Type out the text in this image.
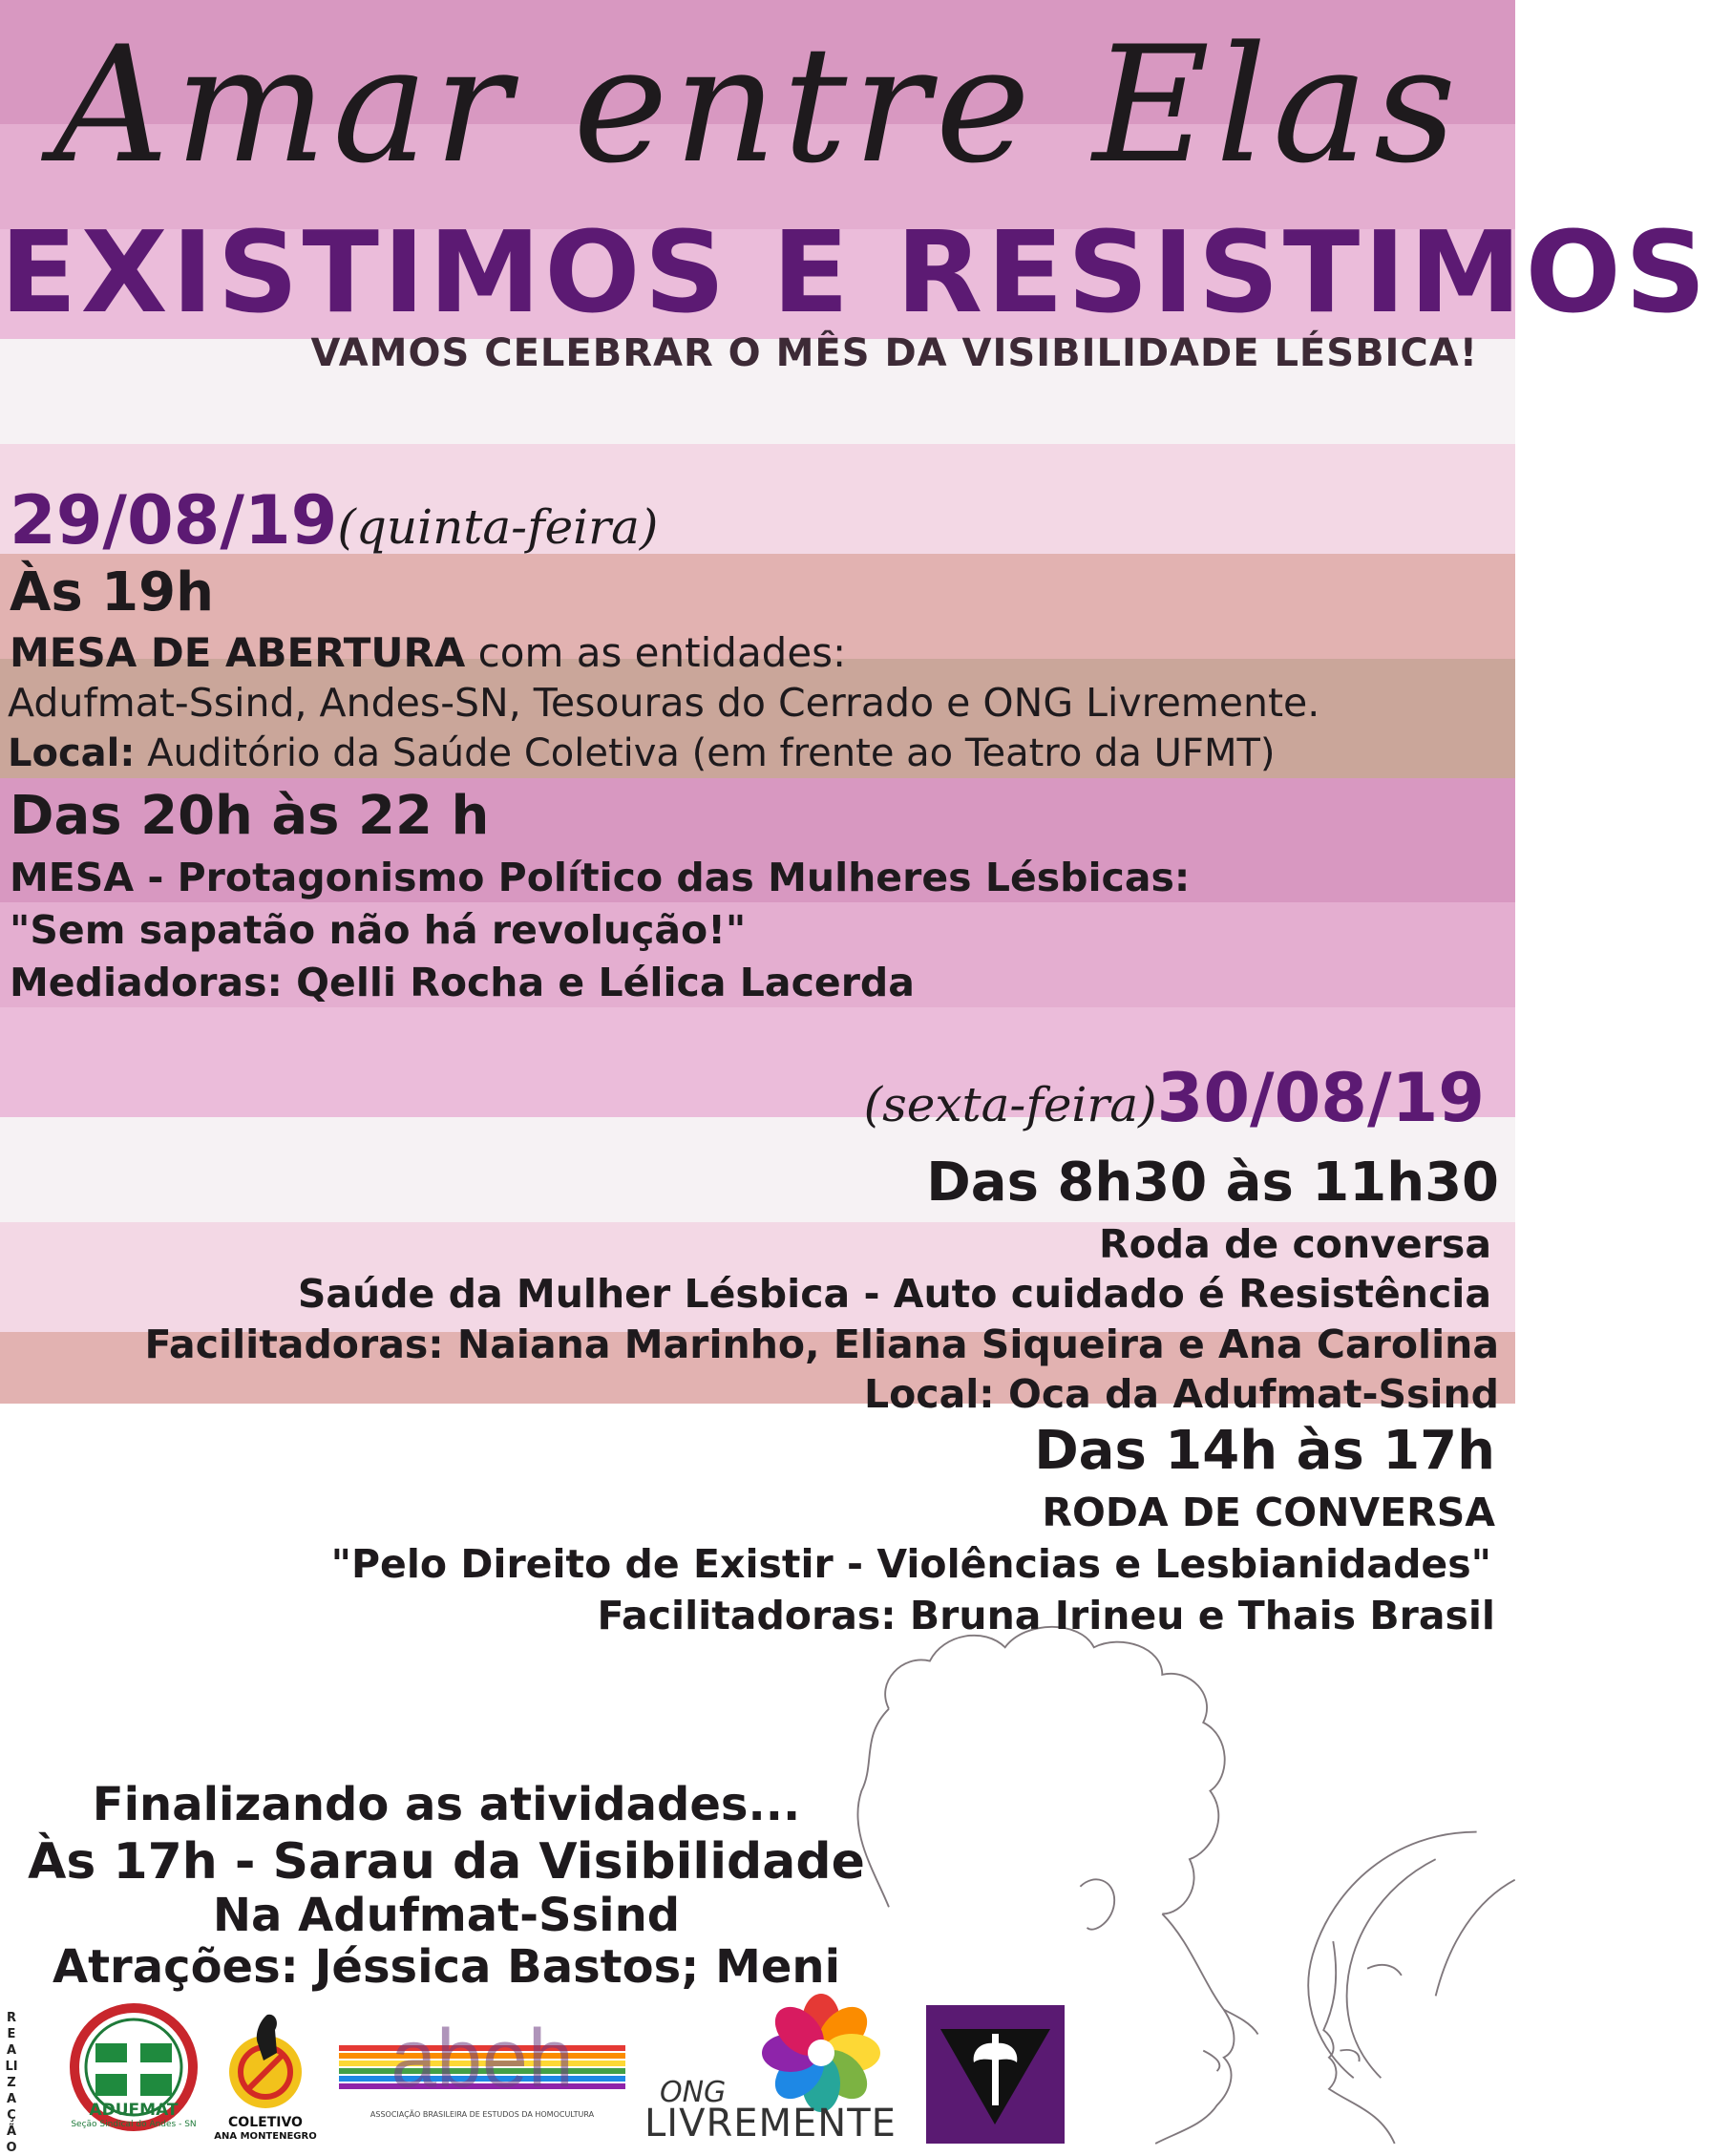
Amar entre Elas
EXISTIMOS E RESISTIMOS
VAMOS CELEBRAR O MÊS DA VISIBILIDADE LÉSBICA!
29/08/19(quinta-feira)
Às 19h
MESA DE ABERTURA com as entidades:
Adufmat-Ssind, Andes-SN, Tesouras do Cerrado e ONG Livremente.
Local: Auditório da Saúde Coletiva (em frente ao Teatro da UFMT)
Das 20h às 22 h
MESA - Protagonismo Político das Mulheres Lésbicas:
"Sem sapatão não há revolução!"
Mediadoras: Qelli Rocha e Lélica Lacerda
(sexta-feira)30/08/19
Das 8h30 às 11h30
Roda de conversa
Saúde da Mulher Lésbica - Auto cuidado é Resistência
Facilitadoras: Naiana Marinho, Eliana Siqueira e Ana Carolina
Local: Oca da Adufmat-Ssind
Das 14h às 17h
RODA DE CONVERSA
"Pelo Direito de Existir - Violências e Lesbianidades"
Facilitadoras: Bruna Irineu e Thais Brasil
Finalizando as atividades...
Às 17h - Sarau da Visibilidade
Na Adufmat-Ssind
Atrações: Jéssica Bastos; Meni
REALIZAÇÃO
ADUFMAT
Seção Sindical do Andes - SN	COLETIVO
ANA MONTENEGRO
abeh
ASSOCIAÇÃO BRASILEIRA DE ESTUDOS DA HOMOCULTURA
ONG
LIVREMENTE
